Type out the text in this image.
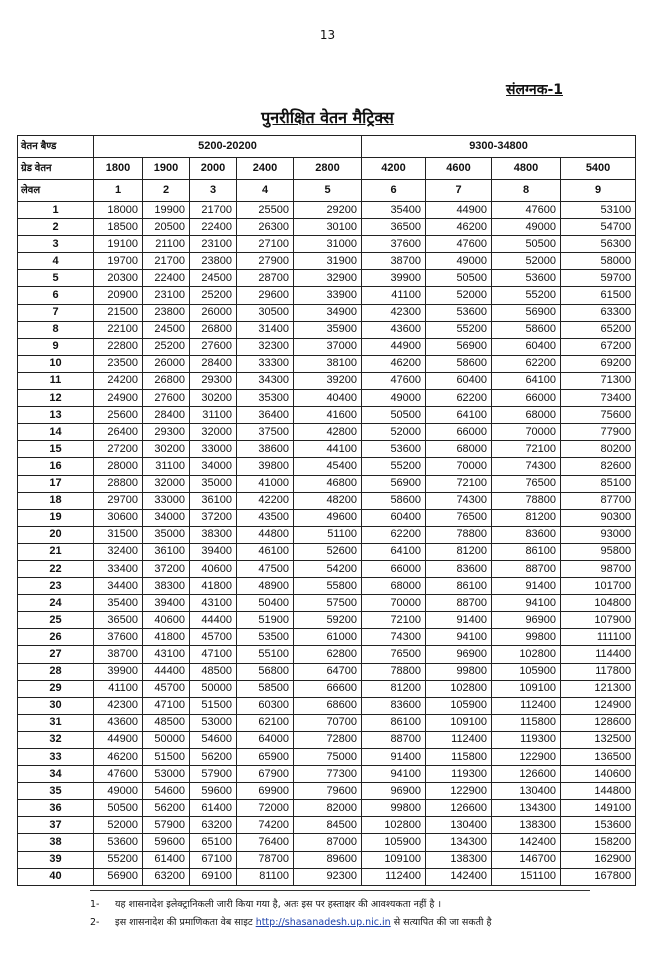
13
संलग्नक-1
पुनरीक्षित वेतन मैट्रिक्स
वेतन बैण्ड	5200-20200					9300-34800			
ग्रेड वेतन	1800	1900	2000	2400	2800	4200	4600	4800	5400
लेवल	1	2	3	4	5	6	7	8	9
1	18000	19900	21700	25500	29200	35400	44900	47600	53100
2	18500	20500	22400	26300	30100	36500	46200	49000	54700
3	19100	21100	23100	27100	31000	37600	47600	50500	56300
4	19700	21700	23800	27900	31900	38700	49000	52000	58000
5	20300	22400	24500	28700	32900	39900	50500	53600	59700
6	20900	23100	25200	29600	33900	41100	52000	55200	61500
7	21500	23800	26000	30500	34900	42300	53600	56900	63300
8	22100	24500	26800	31400	35900	43600	55200	58600	65200
9	22800	25200	27600	32300	37000	44900	56900	60400	67200
10	23500	26000	28400	33300	38100	46200	58600	62200	69200
11	24200	26800	29300	34300	39200	47600	60400	64100	71300
12	24900	27600	30200	35300	40400	49000	62200	66000	73400
13	25600	28400	31100	36400	41600	50500	64100	68000	75600
14	26400	29300	32000	37500	42800	52000	66000	70000	77900
15	27200	30200	33000	38600	44100	53600	68000	72100	80200
16	28000	31100	34000	39800	45400	55200	70000	74300	82600
17	28800	32000	35000	41000	46800	56900	72100	76500	85100
18	29700	33000	36100	42200	48200	58600	74300	78800	87700
19	30600	34000	37200	43500	49600	60400	76500	81200	90300
20	31500	35000	38300	44800	51100	62200	78800	83600	93000
21	32400	36100	39400	46100	52600	64100	81200	86100	95800
22	33400	37200	40600	47500	54200	66000	83600	88700	98700
23	34400	38300	41800	48900	55800	68000	86100	91400	101700
24	35400	39400	43100	50400	57500	70000	88700	94100	104800
25	36500	40600	44400	51900	59200	72100	91400	96900	107900
26	37600	41800	45700	53500	61000	74300	94100	99800	111100
27	38700	43100	47100	55100	62800	76500	96900	102800	114400
28	39900	44400	48500	56800	64700	78800	99800	105900	117800
29	41100	45700	50000	58500	66600	81200	102800	109100	121300
30	42300	47100	51500	60300	68600	83600	105900	112400	124900
31	43600	48500	53000	62100	70700	86100	109100	115800	128600
32	44900	50000	54600	64000	72800	88700	112400	119300	132500
33	46200	51500	56200	65900	75000	91400	115800	122900	136500
34	47600	53000	57900	67900	77300	94100	119300	126600	140600
35	49000	54600	59600	69900	79600	96900	122900	130400	144800
36	50500	56200	61400	72000	82000	99800	126600	134300	149100
37	52000	57900	63200	74200	84500	102800	130400	138300	153600
38	53600	59600	65100	76400	87000	105900	134300	142400	158200
39	55200	61400	67100	78700	89600	109100	138300	146700	162900
40	56900	63200	69100	81100	92300	112400	142400	151100	167800
1- यह शासनादेश इलेक्ट्रानिकली जारी किया गया है, अतः इस पर हस्ताक्षर की आवश्यकता नहीं है ।
2- इस शासनादेश की प्रमाणिकता वेब साइट http://shasanadesh.up.nic.in से सत्यापित की जा सकती है
